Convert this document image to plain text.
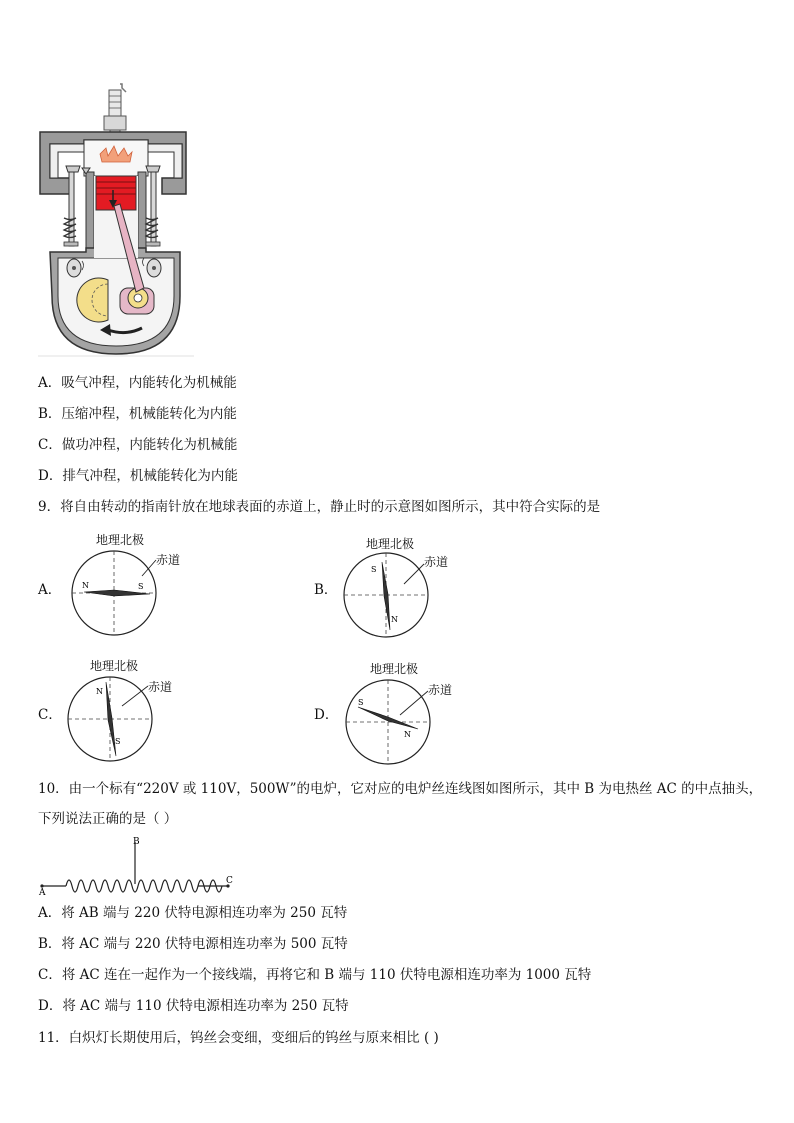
A．吸气冲程，内能转化为机械能
B．压缩冲程，机械能转化为内能
C．做功冲程，内能转化为机械能
D．排气冲程，机械能转化为内能
9．将自由转动的指南针放在地球表面的赤道上，静止时的示意图如图所示，其中符合实际的是
A．
地理北极
赤道
N	S	B．
地理北极
赤道
S
N
C．
地理北极
赤道
N
S
D．
地理北极
赤道
S
N
10．由一个标有“220V 或 110V，500W”的电炉，它对应的电炉丝连线图如图所示，其中 B 为电热丝 AC 的中点抽头，
下列说法正确的是（ ）
A
B
C
A．将 AB 端与 220 伏特电源相连功率为 250 瓦特
B．将 AC 端与 220 伏特电源相连功率为 500 瓦特
C．将 AC 连在一起作为一个接线端，再将它和 B 端与 110 伏特电源相连功率为 1000 瓦特
D．将 AC 端与 110 伏特电源相连功率为 250 瓦特
11．白炽灯长期使用后，钨丝会变细，变细后的钨丝与原来相比 ( )
